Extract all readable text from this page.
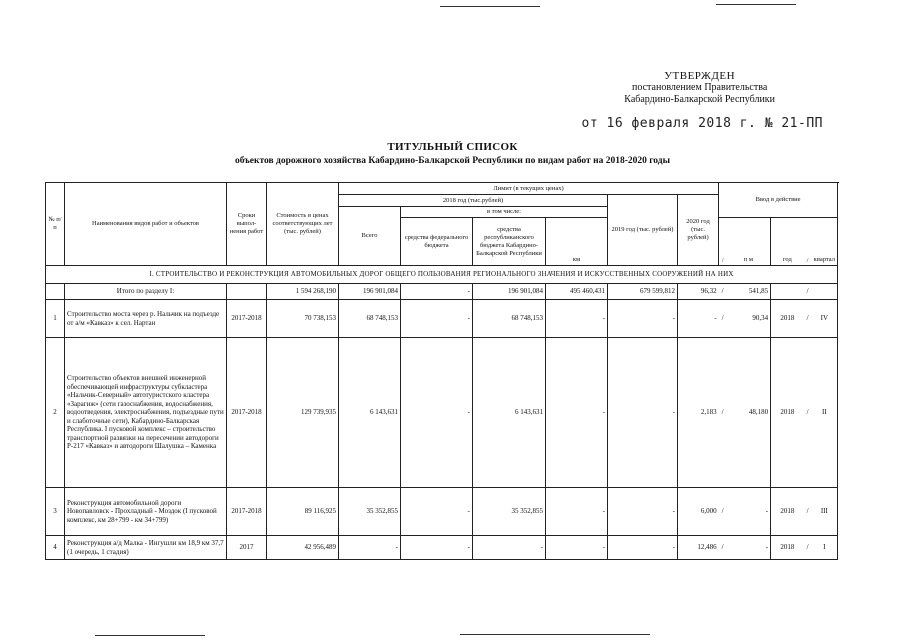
УТВЕРЖДЕН
постановлением Правительства
Кабардино-Балкарской Республики
от 16 февраля 2018 г. № 21-ПП
ТИТУЛЬНЫЙ СПИСОК
объектов дорожного хозяйства Кабардино-Балкарской Республики по видам работ на 2018-2020 годы
№ п/п	Наименования видов работ и объектов	Сроки выпол-нения работ	Стоимость в ценах соответствующих лет (тыс. рублей)	Лимит (в текущих ценах)						Ввод в действие				
				2018 год (тыс.рублей)				2019 год (тыс. рублей)	2020 год (тыс. рублей)					
				Всего	в том числе:									
					средства федерального бюджета	средства республиканского бюджета Кабардино-Балкарской Республики	км			/	п м	год	/	квартал
I. СТРОИТЕЛЬСТВО И РЕКОНСТРУКЦИЯ АВТОМОБИЛЬНЫХ ДОРОГ ОБЩЕГО ПОЛЬЗОВАНИЯ РЕГИОНАЛЬНОГО ЗНАЧЕНИЯ И ИСКУССТВЕННЫХ СООРУЖЕНИЙ НА НИХ														
	Итого по разделу I:		1 594 268,190	196 901,084	-	196 901,084	495 460,431	679 599,812	96,32	/	541,85		/	
1	Строительство моста через р. Нальчик на подъезде от а/м «Кавказ» к сел. Нартан	2017-2018	70 738,153	68 748,153	-	68 748,153	-	-	-	/	90,34	2018	/	IV
2	Строительство объектов внешней инженерной обеспечивающей инфраструктуры субкластера «Нальчик-Северный» автотуристского кластера «Зарагиж» (сети газоснабжения, водоснабжения, водоотведения, электроснабжения, подъездные пути и слаботочные сети), Кабардино-Балкарская Республика. I пусковой комплекс – строительство транспортной развязки на пересечении автодороги Р-217 «Кавказ» и автодороги Шалушка – Каменка	2017-2018	129 739,935	6 143,631	-	6 143,631	-	-	2,183	/	48,180	2018	/	II
3	Реконструкция автомобильной дороги Новопавловск - Прохладный - Моздок (I пусковой комплекс, км 28+799 - км 34+799)	2017-2018	89 116,925	35 352,855	-	35 352,855	-	-	6,000	/	-	2018	/	III
4	Реконструкция а/д Малка - Ингушли км 18,9 км 37,7 (1 очередь, 1 стадия)	2017	42 956,489	-	-	-	-	-	12,486	/	-	2018	/	I
